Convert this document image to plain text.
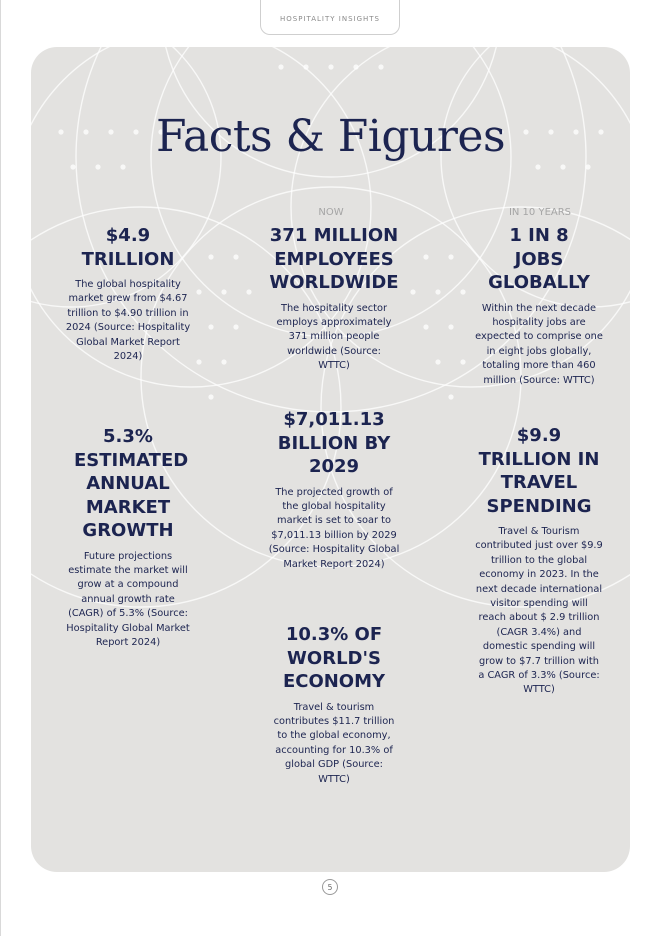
HOSPITALITY INSIGHTS
Facts & Figures
NOW	IN 10 YEARS
$4.9 TRILLION
The global hospitality market grew from $4.67 trillion to $4.90 trillion in 2024 (Source: Hospitality Global Market Report 2024)
371 MILLION EMPLOYEES WORLDWIDE
The hospitality sector employs approximately 371 million people worldwide (Source: WTTC)
1 IN 8 JOBS GLOBALLY
Within the next decade hospitality jobs are expected to comprise one in eight jobs globally, totaling more than 460 million (Source: WTTC)
5.3% ESTIMATED ANNUAL MARKET GROWTH
Future projections estimate the market will grow at a compound annual growth rate (CAGR) of 5.3% (Source: Hospitality Global Market Report 2024)
$7,011.13 BILLION BY 2029
The projected growth of the global hospitality market is set to soar to $7,011.13 billion by 2029 (Source: Hospitality Global Market Report 2024)
$9.9 TRILLION IN TRAVEL SPENDING
Travel & Tourism contributed just over $9.9 trillion to the global economy in 2023. In the next decade international visitor spending will reach about $ 2.9 trillion (CAGR 3.4%) and domestic spending will grow to $7.7 trillion with a CAGR of 3.3% (Source: WTTC)
10.3% OF WORLD'S ECONOMY
Travel & tourism contributes $11.7 trillion to the global economy, accounting for 10.3% of global GDP (Source: WTTC)
5
